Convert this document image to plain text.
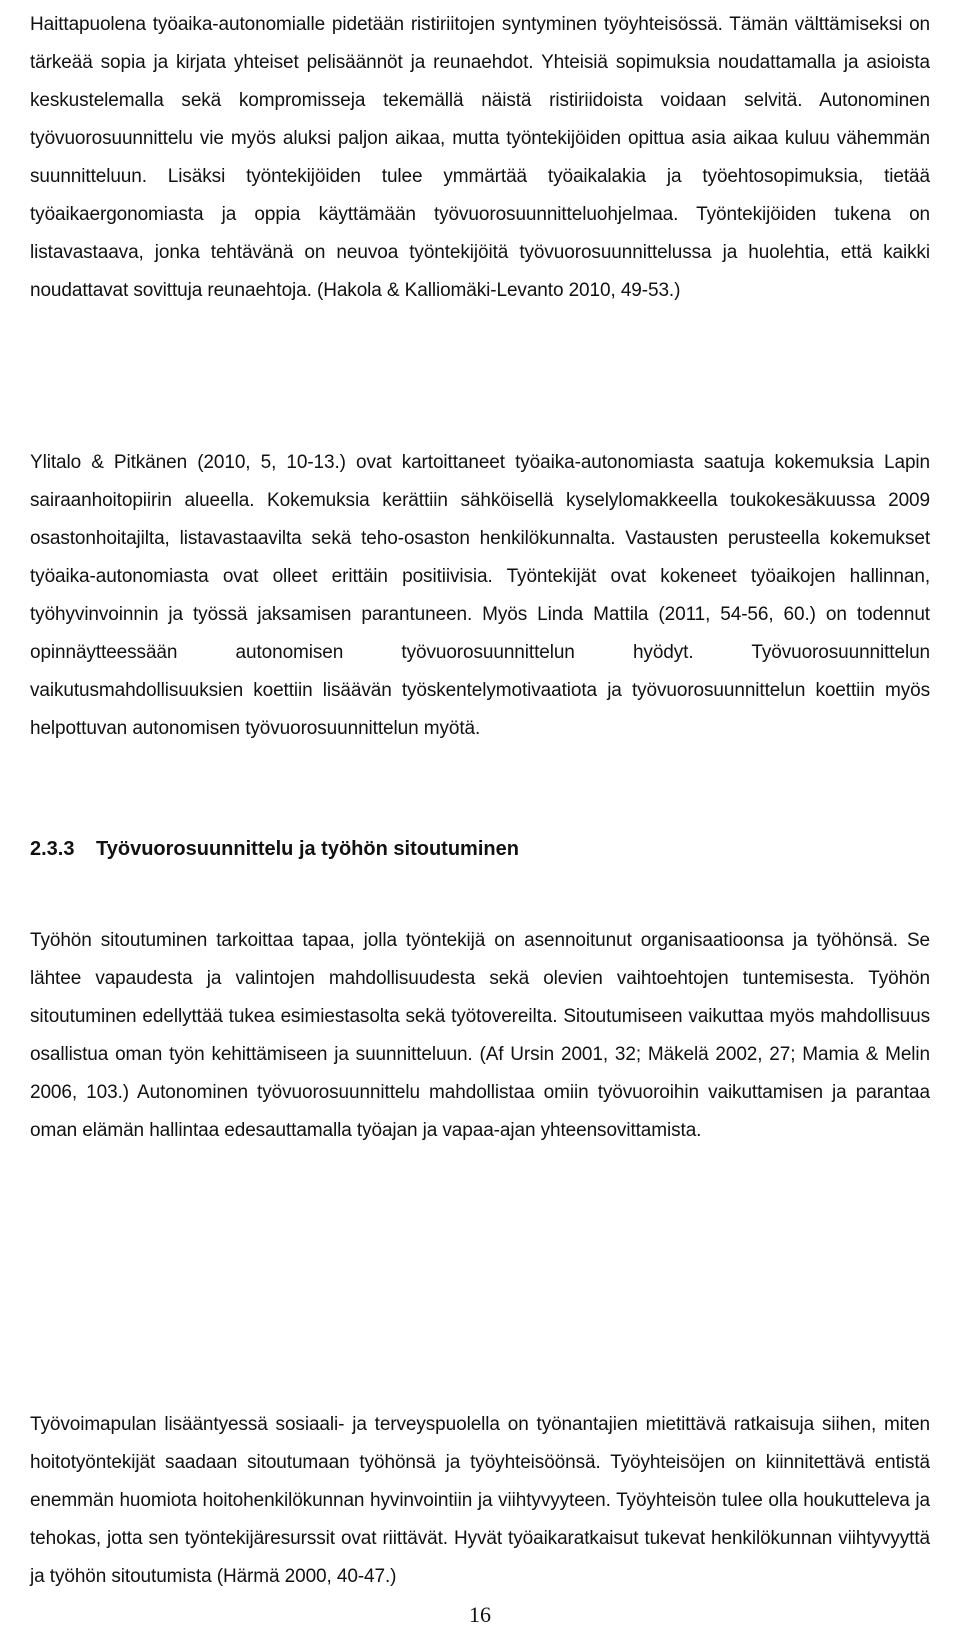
Haittapuolena työaika-autonomialle pidetään ristiriitojen syntyminen työyhteisössä. Tämän välttämiseksi on tärkeää sopia ja kirjata yhteiset pelisäännöt ja reunaehdot. Yhteisiä sopimuksia noudattamalla ja asioista keskustelemalla sekä kompromisseja tekemällä näistä ristiriidoista voidaan selvitä. Autonominen työvuorosuunnittelu vie myös aluksi paljon aikaa, mutta työntekijöiden opittua asia aikaa kuluu vähemmän suunnitteluun. Lisäksi työntekijöiden tulee ymmärtää työaikalakia ja työehtosopimuksia, tietää työaikaergonomiasta ja oppia käyttämään työvuorosuunnitteluohjelmaa. Työntekijöiden tukena on listavastaava, jonka tehtävänä on neuvoa työntekijöitä työvuorosuunnittelussa ja huolehtia, että kaikki noudattavat sovittuja reunaehtoja. (Hakola & Kalliomäki-Levanto 2010, 49-53.)

Ylitalo & Pitkänen (2010, 5, 10-13.) ovat kartoittaneet työaika-autonomiasta saatuja kokemuksia Lapin sairaanhoitopiirin alueella. Kokemuksia kerättiin sähköisellä kyselylomakkeella toukokesäkuussa 2009 osastonhoitajilta, listavastaavilta sekä teho-osaston henkilökunnalta. Vastausten perusteella kokemukset työaika-autonomiasta ovat olleet erittäin positiivisia. Työntekijät ovat kokeneet työaikojen hallinnan, työhyvinvoinnin ja työssä jaksamisen parantuneen. Myös Linda Mattila (2011, 54-56, 60.) on todennut opinnäytteessään autonomisen työvuorosuunnittelun hyödyt. Työvuorosuunnittelun vaikutusmahdollisuuksien koettiin lisäävän työskentelymotivaatiota ja työvuorosuunnittelun koettiin myös helpottuvan autonomisen työvuorosuunnittelun myötä.

2.3.3 Työvuorosuunnittelu ja työhön sitoutuminen

Työhön sitoutuminen tarkoittaa tapaa, jolla työntekijä on asennoitunut organisaatioonsa ja työhönsä. Se lähtee vapaudesta ja valintojen mahdollisuudesta sekä olevien vaihtoehtojen tuntemisesta. Työhön sitoutuminen edellyttää tukea esimiestasolta sekä työtovereilta. Sitoutumiseen vaikuttaa myös mahdollisuus osallistua oman työn kehittämiseen ja suunnitteluun. (Af Ursin 2001, 32; Mäkelä 2002, 27; Mamia & Melin 2006, 103.) Autonominen työvuorosuunnittelu mahdollistaa omiin työvuoroihin vaikuttamisen ja parantaa oman elämän hallintaa edesauttamalla työajan ja vapaa-ajan yhteensovittamista.

Työvoimapulan lisääntyessä sosiaali- ja terveyspuolella on työnantajien mietittävä ratkaisuja siihen, miten hoitotyöntekijät saadaan sitoutumaan työhönsä ja työyhteisöönsä. Työyhteisöjen on kiinnitettävä entistä enemmän huomiota hoitohenkilökunnan hyvinvointiin ja viihtyvyyteen. Työyhteisön tulee olla houkutteleva ja tehokas, jotta sen työntekijäresurssit ovat riittävät. Hyvät työaikaratkaisut tukevat henkilökunnan viihtyvyyttä ja työhön sitoutumista (Härmä 2000, 40-47.)

16
